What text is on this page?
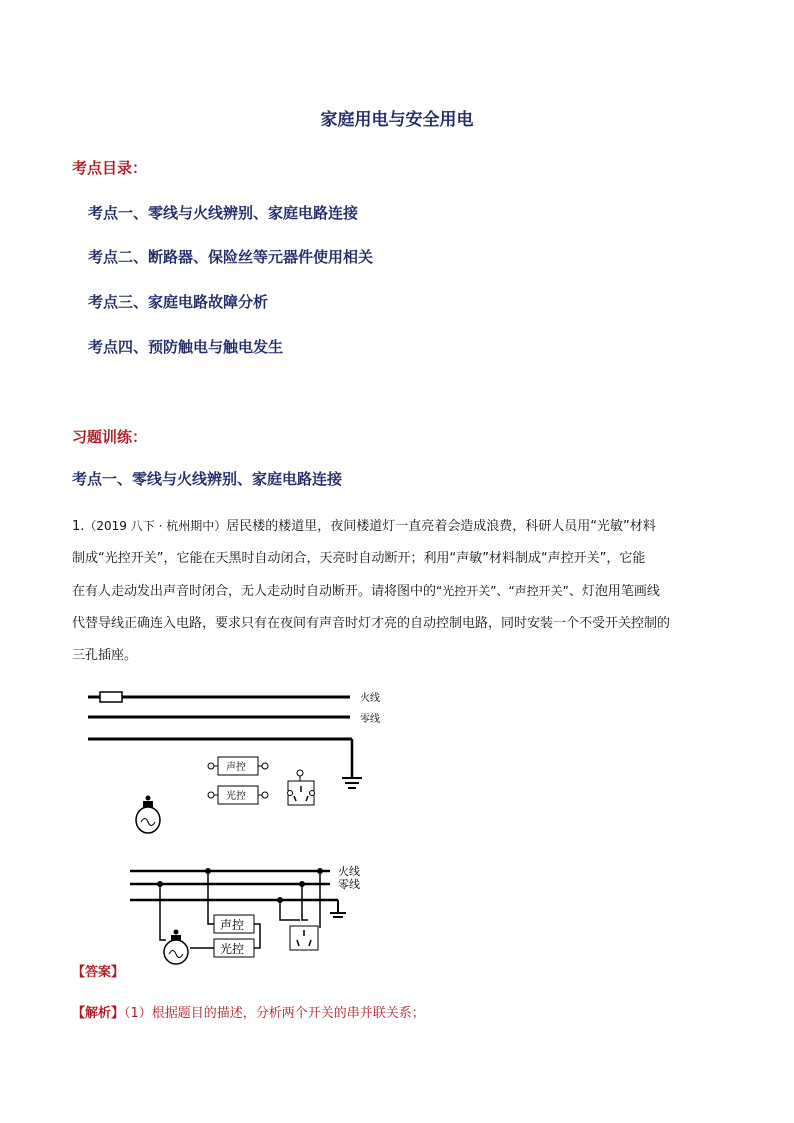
家庭用电与安全用电
考点目录：
考点一、零线与火线辨别、家庭电路连接
考点二、断路器、保险丝等元器件使用相关
考点三、家庭电路故障分析
考点四、预防触电与触电发生
习题训练：
考点一、零线与火线辨别、家庭电路连接
1.（2019 八下 · 杭州期中）居民楼的楼道里，夜间楼道灯一直亮着会造成浪费，科研人员用“光敏”材料
制成“光控开关”，它能在天黑时自动闭合，天亮时自动断开；利用“声敏”材料制成“声控开关”，它能
在有人走动发出声音时闭合，无人走动时自动断开。请将图中的“光控开关”、“声控开关”、灯泡用笔画线
代替导线正确连入电路，要求只有在夜间有声音时灯才亮的自动控制电路，同时安装一个不受开关控制的
三孔插座。
火线
零线
声控
光控
火线
零线
声控
光控
【答案】
【解析】（1）根据题目的描述，分析两个开关的串并联关系；
